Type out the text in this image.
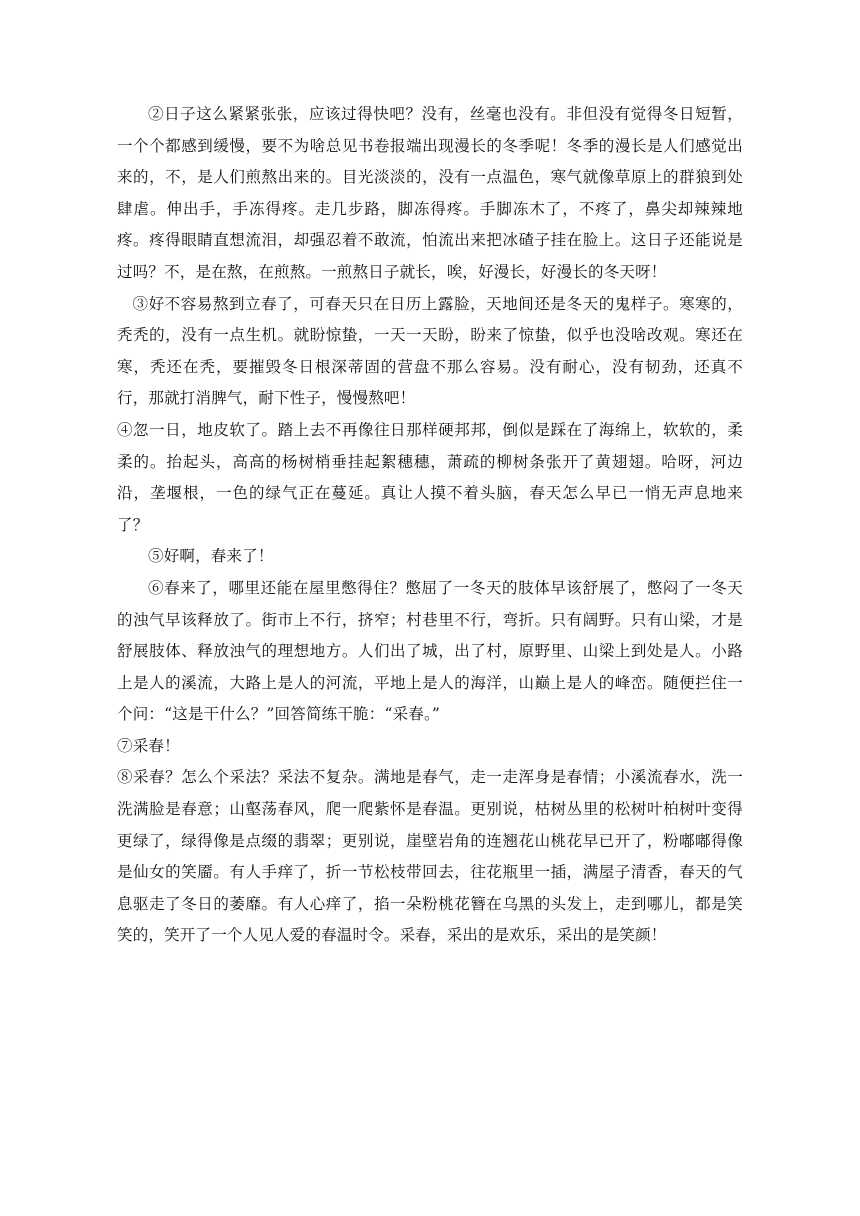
②日子这么紧紧张张，应该过得快吧？没有，丝毫也没有。非但没有觉得冬日短暂，一个个都感到缓慢，要不为啥总见书卷报端出现漫长的冬季呢！冬季的漫长是人们感觉出来的，不，是人们煎熬出来的。目光淡淡的，没有一点温色，寒气就像草原上的群狼到处肆虐。伸出手，手冻得疼。走几步路，脚冻得疼。手脚冻木了，不疼了，鼻尖却辣辣地疼。疼得眼睛直想流泪，却强忍着不敢流，怕流出来把冰碴子挂在脸上。这日子还能说是过吗？不，是在熬，在煎熬。一煎熬日子就长，唉，好漫长，好漫长的冬天呀！

③好不容易熬到立春了，可春天只在日历上露脸，天地间还是冬天的鬼样子。寒寒的，秃秃的，没有一点生机。就盼惊蛰，一天一天盼，盼来了惊蛰，似乎也没啥改观。寒还在寒，秃还在秃，要摧毁冬日根深蒂固的营盘不那么容易。没有耐心，没有韧劲，还真不行，那就打消脾气，耐下性子，慢慢熬吧！

④忽一日，地皮软了。踏上去不再像往日那样硬邦邦，倒似是踩在了海绵上，软软的，柔柔的。抬起头，高高的杨树梢垂挂起絮穗穗，萧疏的柳树条张开了黄翅翅。哈呀，河边沿，垄堰根，一色的绿气正在蔓延。真让人摸不着头脑，春天怎么早已一悄无声息地来了？

⑤好啊，春来了！

⑥春来了，哪里还能在屋里憋得住？憋屈了一冬天的肢体早该舒展了，憋闷了一冬天的浊气早该释放了。街市上不行，挤窄；村巷里不行，弯折。只有阔野。只有山梁，才是舒展肢体、释放浊气的理想地方。人们出了城，出了村，原野里、山梁上到处是人。小路上是人的溪流，大路上是人的河流，平地上是人的海洋，山巅上是人的峰峦。随便拦住一个问：“这是干什么？”回答简练干脆：“采春。”

⑦采春！

⑧采春？怎么个采法？采法不复杂。满地是春气，走一走浑身是春情；小溪流春水，洗一洗满脸是春意；山壑荡春风，爬一爬紫怀是春温。更别说，枯树丛里的松树叶柏树叶变得更绿了，绿得像是点缀的翡翠；更别说，崖壁岩角的连翘花山桃花早已开了，粉嘟嘟得像是仙女的笑靥。有人手痒了，折一节松枝带回去，往花瓶里一插，满屋子清香，春天的气息驱走了冬日的萎靡。有人心痒了，掐一朵粉桃花簪在乌黑的头发上，走到哪儿，都是笑笑的，笑开了一个人见人爱的春温时令。采春，采出的是欢乐，采出的是笑颜！
